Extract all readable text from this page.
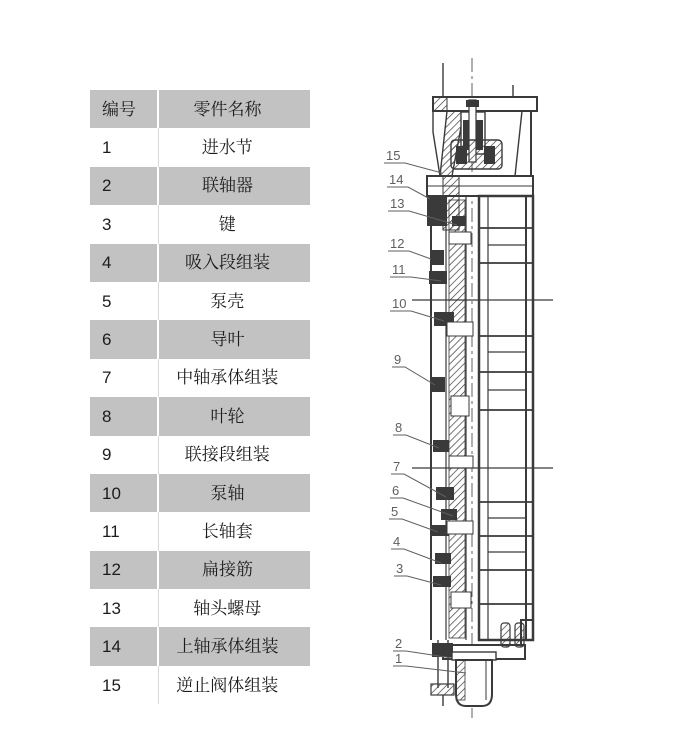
编号	零件名称
1	进水节
2	联轴器
3	键
4	吸入段组装
5	泵壳
6	导叶
7	中轴承体组装
8	叶轮
9	联接段组装
10	泵轴
11	长轴套
12	扁接筋
13	轴头螺母
14	上轴承体组装
15	逆止阀体组装
15
14
13
12
11
10
9
8
7
6
5
4
3
2
1
